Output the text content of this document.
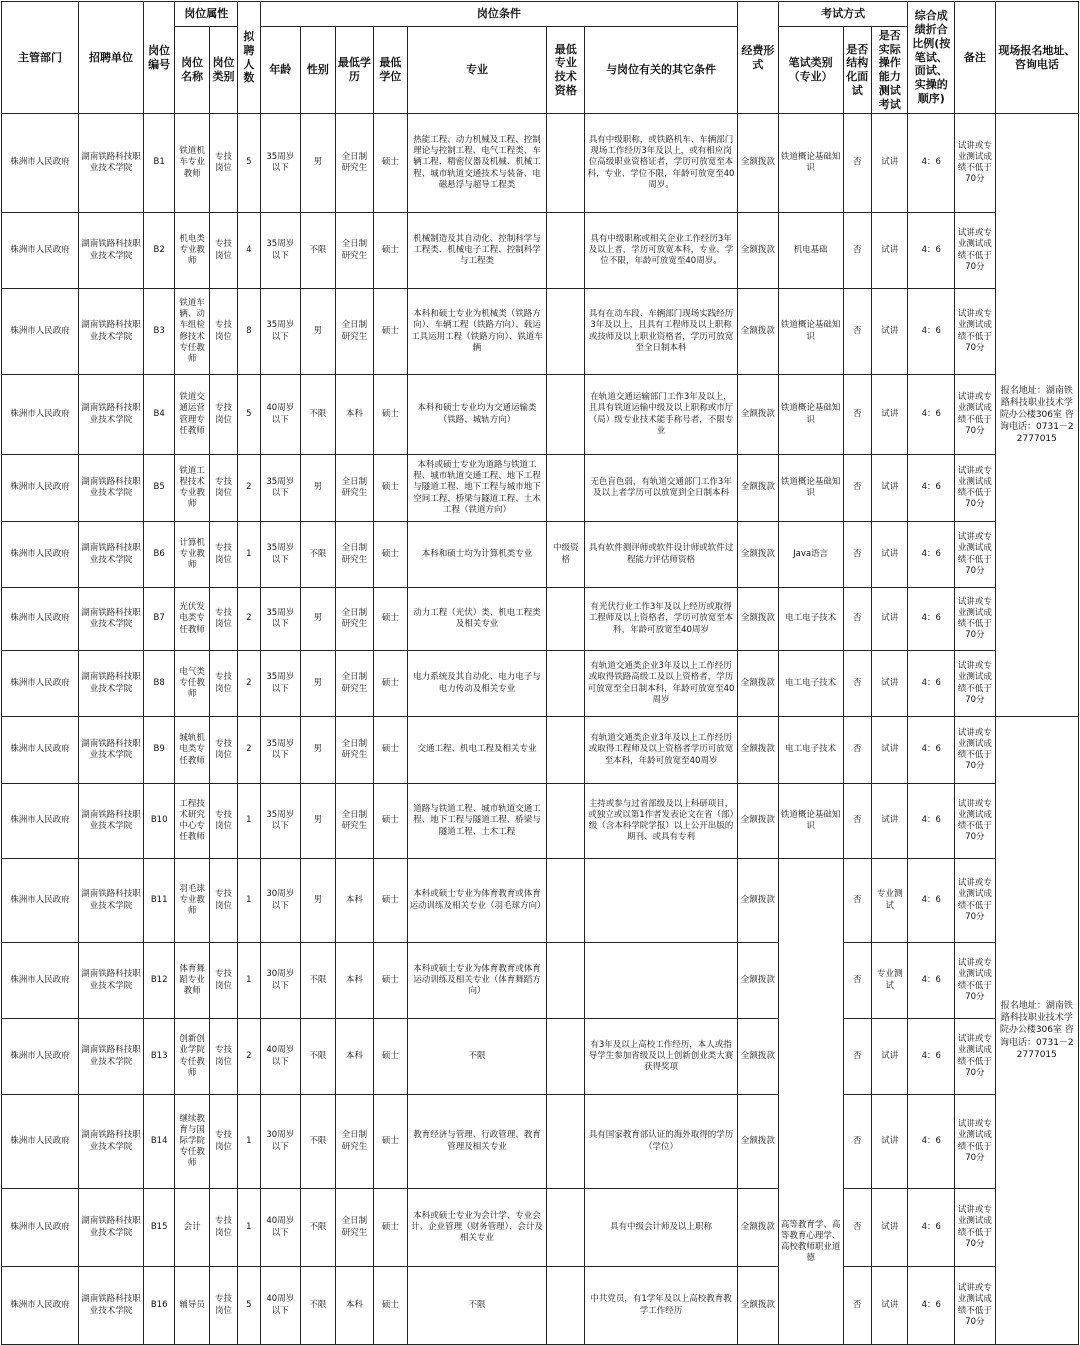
主管部门	招聘单位	岗位编号	岗位属性		拟聘人数	岗位条件							经费形式	考试方式			综合成绩折合比例(按笔试、面试、实操的顺序)	备注	现场报名地址、咨询电话
			岗位名称	岗位类别		年龄	性别	最低学历	最低学位	专业	最低专业技术资格	与岗位有关的其它条件		笔试类别（专业）	是否结构化面试	是否实际操作能力测试考试			
株洲市人民政府	湖南铁路科技职业技术学院	B1	铁道机车专业教师	专技岗位	5	35周岁以下	男	全日制研究生	硕士	热能工程、动力机械及工程、控制理论与控制工程、电气工程类、车辆工程、精密仪器及机械、机械工程、城市轨道交通技术与装备、电磁悬浮与超导工程类		具有中级职称，或铁路机车、车辆部门现场工作经历3年及以上，或有相应岗位高级职业资格证者，学历可放宽至本科，专业、学位不限，年龄可放宽至40周岁。	全额拨款	铁道概论基础知识	否	试讲	4：6	试讲或专业测试成绩不低于70分	报名地址：湖南铁路科技职业技术学院办公楼306室 咨询电话：0731－22777015
株洲市人民政府	湖南铁路科技职业技术学院	B2	机电类专业教师	专技岗位	4	35周岁以下	不限	全日制研究生	硕士	机械制造及其自动化、控制科学与工程类、机械电子工程、控制科学与工程类		具有中级职称或相关企业工作经历3年及以上者，学历可放宽本科，专业、学位不限，年龄可放宽至40周岁。	全额拨款	机电基础	否	试讲	4：6	试讲或专业测试成绩不低于70分	
株洲市人民政府	湖南铁路科技职业技术学院	B3	铁道车辆、动车组检修技术专任教师	专技岗位	8	35周岁以下	男	全日制研究生	硕士	本科和硕士专业为机械类（铁路方向）、车辆工程（铁路方向）、载运工具运用工程（铁路方向）、铁道车辆		具有在动车段、车辆部门现场实践经历3年及以上，且具有工程师及以上职称或技师及以上职业资格者，学历可放宽至全日制本科	全额拨款	铁道概论基础知识	否	试讲	4：6	试讲或专业测试成绩不低于70分	
株洲市人民政府	湖南铁路科技职业技术学院	B4	铁道交通运营管理专任教师	专技岗位	5	40周岁以下	不限	本科	硕士	本科和硕士专业均为交通运输类（铁路、城轨方向）		在轨道交通运输部门工作3年及以上，且具有铁道运输中级及以上职称或市厅（局）级专业技术能手称号者，不限专业	全额拨款	铁道概论基础知识	否	试讲	4：6	试讲或专业测试成绩不低于70分	
株洲市人民政府	湖南铁路科技职业技术学院	B5	铁道工程技术专业教师	专技岗位	2	35周岁以下	男	全日制研究生	硕士	本科或硕士专业为道路与铁道工程、城市轨道交通工程、地下工程与隧道工程、地下工程与城市地下空间工程、桥梁与隧道工程、土木工程（铁道方向）		无色盲色弱，有轨道交通部门工作3年及以上者学历可以放宽到全日制本科	全额拨款	铁道概论基础知识	否	试讲	4：6	试讲或专业测试成绩不低于70分	
株洲市人民政府	湖南铁路科技职业技术学院	B6	计算机专业教师	专技岗位	1	35周岁以下	不限	全日制研究生	硕士	本科和硕士均为计算机类专业	中级资格	具有软件测评师或软件设计师或软件过程能力评估师资格	全额拨款	Java语言	否	试讲	4：6	试讲或专业测试成绩不低于70分	
株洲市人民政府	湖南铁路科技职业技术学院	B7	光伏发电类专任教师	专技岗位	2	35周岁以下	男	全日制研究生	硕士	动力工程（光伏）类、机电工程类及相关专业		有光伏行业工作3年及以上经历或取得工程师及以上资格者，学历可放宽至本科，年龄可放宽至40周岁	全额拨款	电工电子技术	否	试讲	4：6	试讲或专业测试成绩不低于70分	
株洲市人民政府	湖南铁路科技职业技术学院	B8	电气类专任教师	专技岗位	2	35周岁以下	男	全日制研究生	硕士	电力系统及其自动化、电力电子与电力传动及相关专业		有轨道交通类企业3年及以上工作经历或取得铁路高级工及以上资格者，学历可放宽至全日制本科，年龄可放宽至40周岁	全额拨款	电工电子技术	否	试讲	4：6	试讲或专业测试成绩不低于70分	
株洲市人民政府	湖南铁路科技职业技术学院	B9	城轨机电类专任教师	专技岗位	2	35周岁以下	男	全日制研究生	硕士	交通工程、机电工程及相关专业		有轨道交通类企业3年及以上工作经历或取得工程师及以上资格者学历可放宽至本科，年龄可放宽至40周岁	全额拨款	电工电子技术	否	试讲	4：6	试讲或专业测试成绩不低于70分	报名地址：湖南铁路科技职业技术学院办公楼306室 咨询电话：0731－22777015
株洲市人民政府	湖南铁路科技职业技术学院	B10	工程技术研究中心专任教师	专技岗位	1	35周岁以下	男	全日制研究生	硕士	道路与铁道工程、城市轨道交通工程、地下工程与隧道工程、桥梁与隧道工程、土木工程		主持或参与过省部级及以上科研项目，或独立或以第1作者发表论文在省（部）级（含本科学院学报）以上公开出版的期刊、或具有专利	全额拨款	铁道概论基础知识	否	试讲	4：6	试讲或专业测试成绩不低于70分	
株洲市人民政府	湖南铁路科技职业技术学院	B11	羽毛球专业教师	专技岗位	1	30周岁以下	男	本科	硕士	本科或硕士专业为体育教育或体育运动训练及相关专业（羽毛球方向）			全额拨款	高等教育学、高等教育心理学、高校教师职业道德	否	专业测试	4：6	试讲或专业测试成绩不低于70分	
株洲市人民政府	湖南铁路科技职业技术学院	B12	体育舞蹈专业教师	专技岗位	1	30周岁以下	不限	本科	硕士	本科或硕士专业为体育教育或体育运动训练及相关专业（体育舞蹈方向）			全额拨款		否	专业测试	4：6	试讲或专业测试成绩不低于70分	
株洲市人民政府	湖南铁路科技职业技术学院	B13	创新创业学院专任教师	专技岗位	2	40周岁以下	不限	本科	硕士	不限		有3年及以上高校工作经历，本人或指导学生参加省级及以上创新创业类大赛获得奖项	全额拨款		否	试讲	4：6	试讲或专业测试成绩不低于70分	
株洲市人民政府	湖南铁路科技职业技术学院	B14	继续教育与国际学院专任教师	专技岗位	1	30周岁以下	不限	全日制研究生	硕士	教育经济与管理、行政管理、教育管理及相关专业		具有国家教育部认证的海外取得的学历（学位）	全额拨款		否	试讲	4：6	试讲或专业测试成绩不低于70分	
株洲市人民政府	湖南铁路科技职业技术学院	B15	会计	专技岗位	1	40周岁以下	不限	全日制研究生	硕士	本科或硕士专业为会计学、专业会计、企业管理（财务管理）、会计及相关专业		具有中级会计师及以上职称	全额拨款		否	试讲	4：6	试讲或专业测试成绩不低于70分	
株洲市人民政府	湖南铁路科技职业技术学院	B16	辅导员	专技岗位	5	40周岁以下	不限	本科	硕士	不限		中共党员，有1学年及以上高校教育教学工作经历	全额拨款		否	试讲	4：6	试讲或专业测试成绩不低于70分	
